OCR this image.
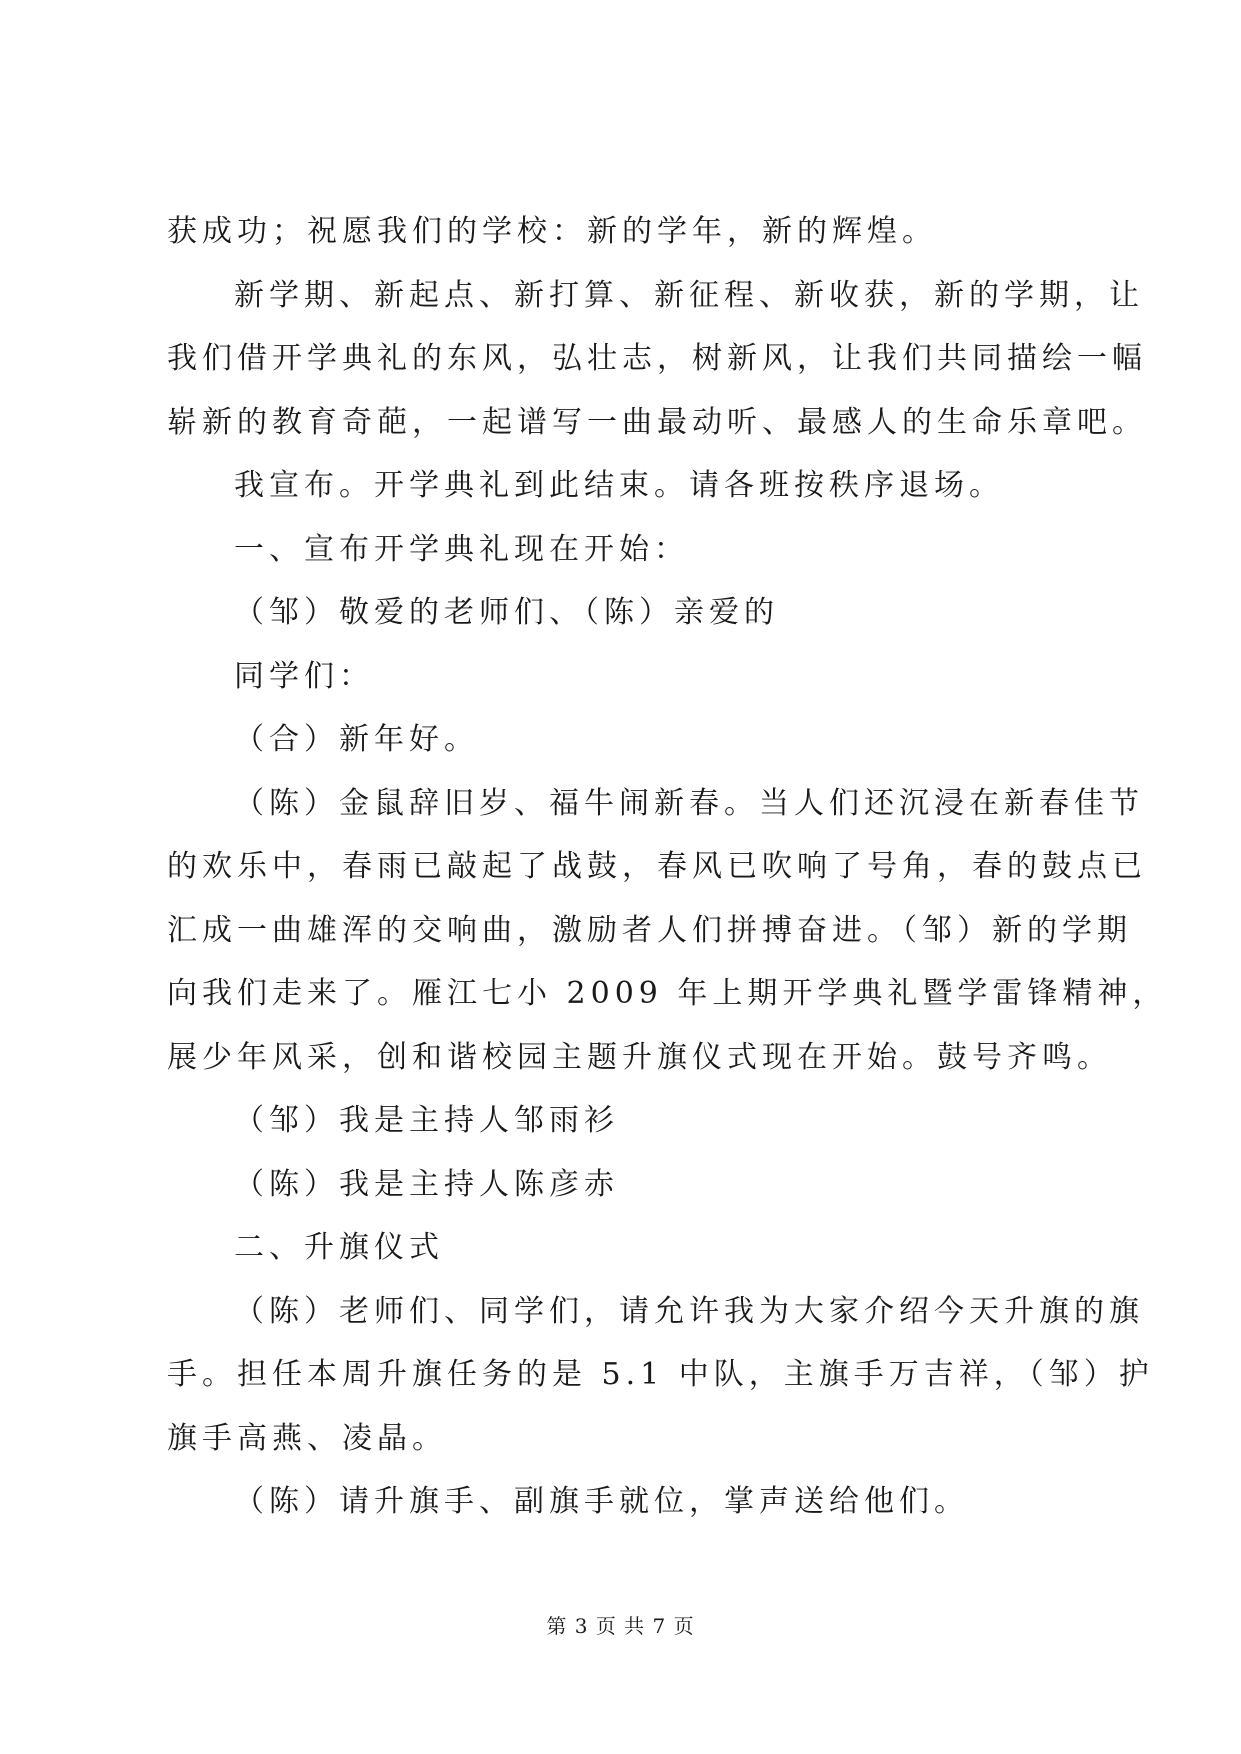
获成功；祝愿我们的学校：新的学年，新的辉煌。

新学期、新起点、新打算、新征程、新收获，新的学期，让

我们借开学典礼的东风，弘壮志，树新风，让我们共同描绘一幅

崭新的教育奇葩，一起谱写一曲最动听、最感人的生命乐章吧。

我宣布。开学典礼到此结束。请各班按秩序退场。

一、宣布开学典礼现在开始：

（邹）敬爱的老师们、（陈）亲爱的

同学们：

（合）新年好。

（陈）金鼠辞旧岁、福牛闹新春。当人们还沉浸在新春佳节

的欢乐中，春雨已敲起了战鼓，春风已吹响了号角，春的鼓点已

汇成一曲雄浑的交响曲，激励者人们拼搏奋进。（邹）新的学期

向我们走来了。雁江七小 2009 年上期开学典礼暨学雷锋精神，

展少年风采，创和谐校园主题升旗仪式现在开始。鼓号齐鸣。

（邹）我是主持人邹雨衫

（陈）我是主持人陈彦赤

二、升旗仪式

（陈）老师们、同学们，请允许我为大家介绍今天升旗的旗

手。担任本周升旗任务的是 5.1 中队，主旗手万吉祥，（邹）护

旗手高燕、凌晶。

（陈）请升旗手、副旗手就位，掌声送给他们。

第 3 页 共 7 页
